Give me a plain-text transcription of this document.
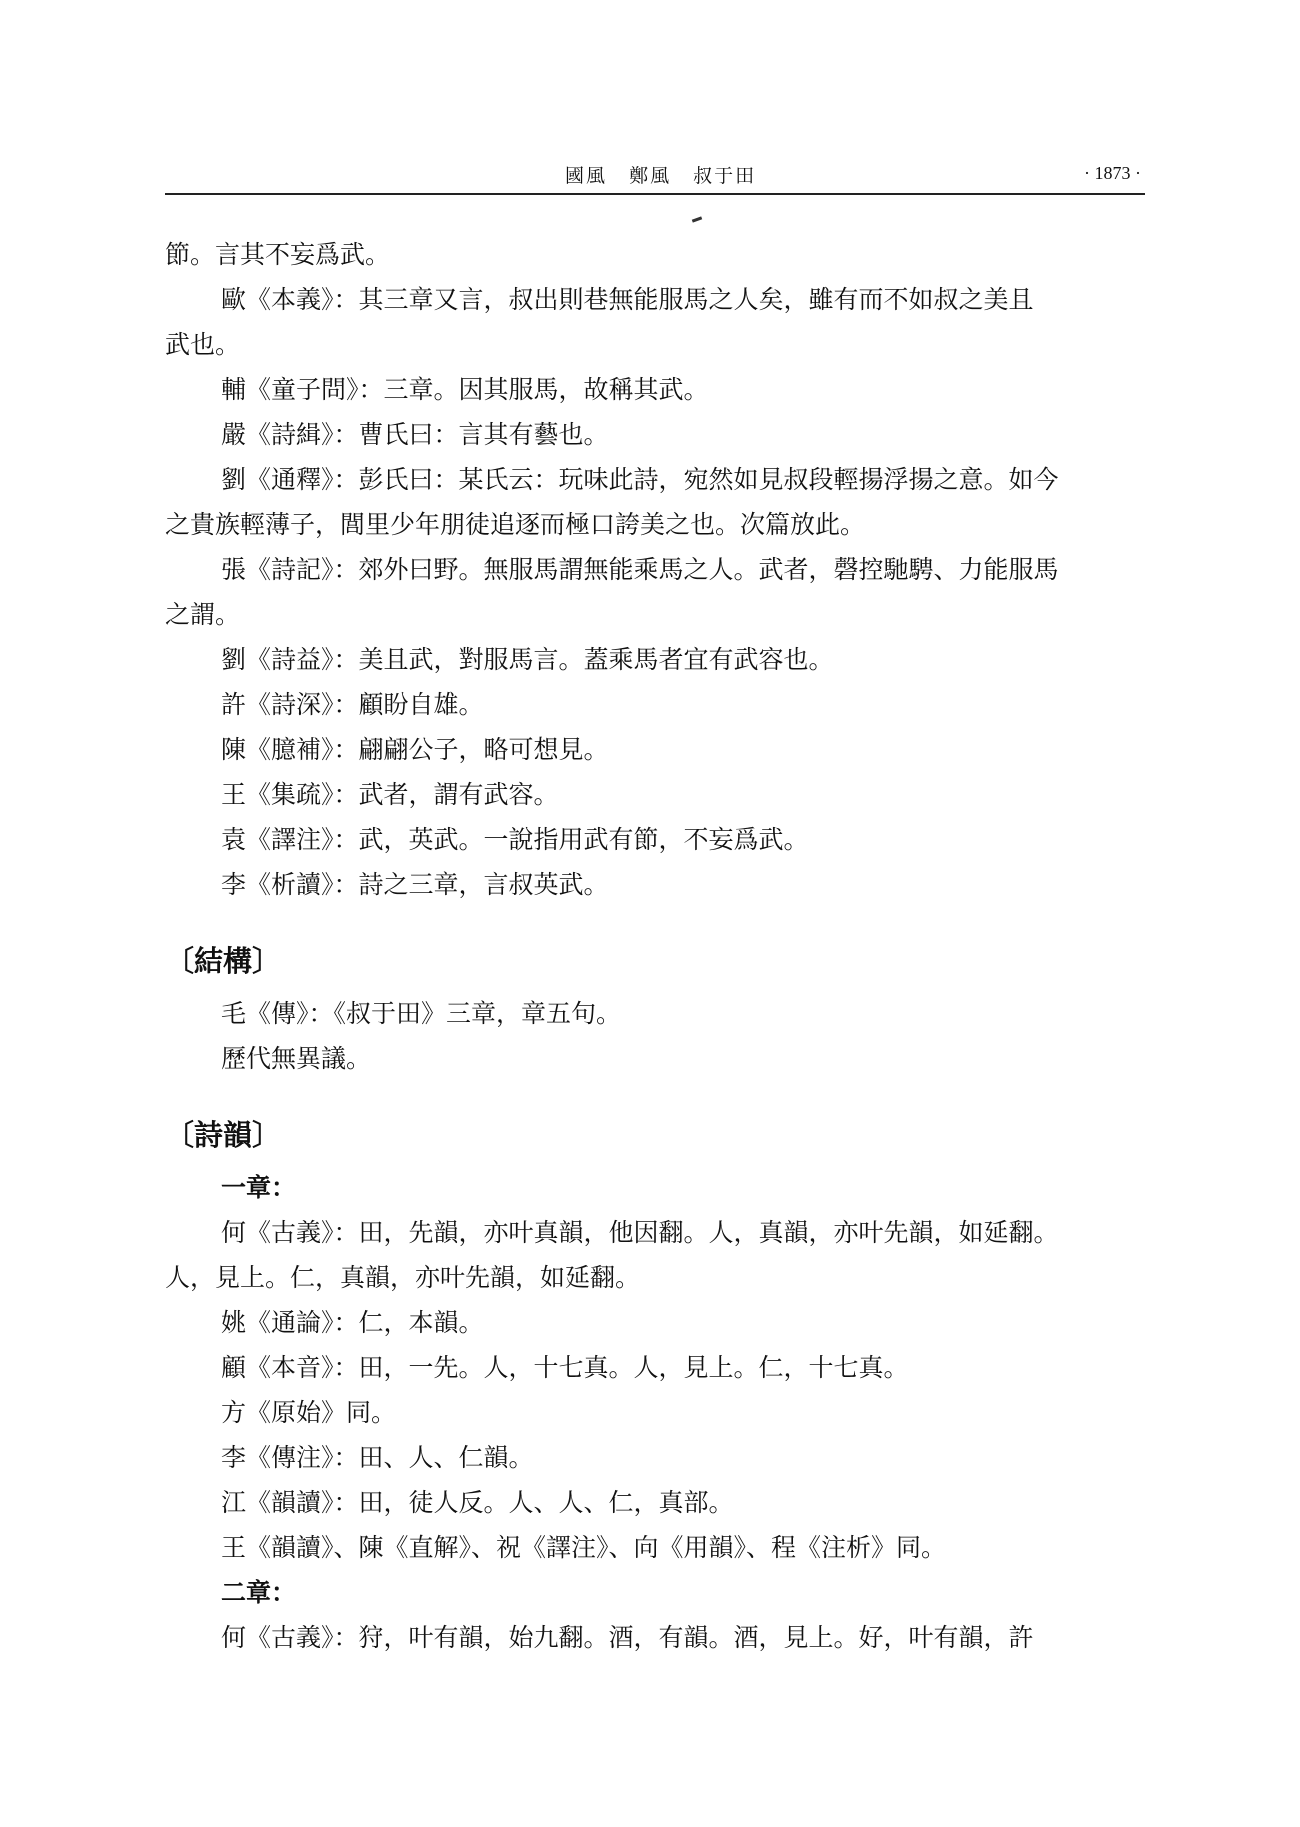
國風 鄭風 叔于田	· 1873 ·

節。言其不妄爲武。

歐《本義》：其三章又言，叔出則巷無能服馬之人矣，雖有而不如叔之美且

武也。

輔《童子問》：三章。因其服馬，故稱其武。

嚴《詩緝》：曹氏曰：言其有藝也。

劉《通釋》：彭氏曰：某氏云：玩味此詩，宛然如見叔段輕揚浮揚之意。如今

之貴族輕薄子，閭里少年朋徒追逐而極口誇美之也。次篇放此。

張《詩記》：郊外曰野。無服馬謂無能乘馬之人。武者，磬控馳騁、力能服馬

之謂。

劉《詩益》：美且武，對服馬言。蓋乘馬者宜有武容也。

許《詩深》：顧盼自雄。

陳《臆補》：翩翩公子，略可想見。

王《集疏》：武者，謂有武容。

袁《譯注》：武，英武。一說指用武有節，不妄爲武。

李《析讀》：詩之三章，言叔英武。

〔結構〕

毛《傳》：《叔于田》三章，章五句。

歷代無異議。

〔詩韻〕

一章：

何《古義》：田，先韻，亦叶真韻，他因翻。人，真韻，亦叶先韻，如延翻。

人，見上。仁，真韻，亦叶先韻，如延翻。

姚《通論》：仁，本韻。

顧《本音》：田，一先。人，十七真。人，見上。仁，十七真。

方《原始》同。

李《傳注》：田、人、仁韻。

江《韻讀》：田，徒人反。人、人、仁，真部。

王《韻讀》、陳《直解》、祝《譯注》、向《用韻》、程《注析》同。

二章：

何《古義》：狩，叶有韻，始九翻。酒，有韻。酒，見上。好，叶有韻，許
